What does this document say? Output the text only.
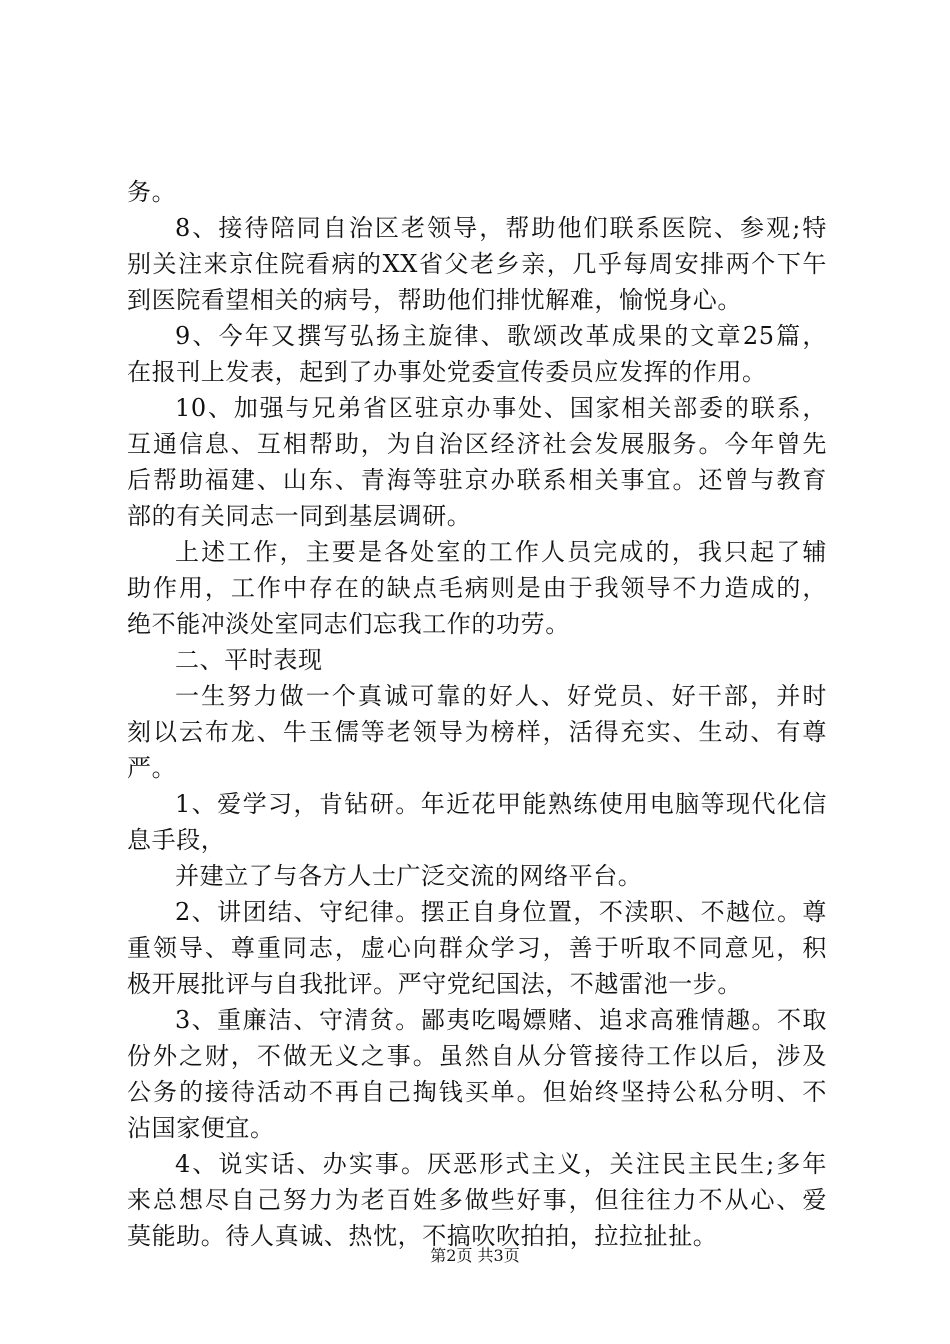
务。
8、接待陪同自治区老领导，帮助他们联系医院、参观;特
别关注来京住院看病的XX省父老乡亲，几乎每周安排两个下午
到医院看望相关的病号，帮助他们排忧解难，愉悦身心。
9、今年又撰写弘扬主旋律、歌颂改革成果的文章25篇，
在报刊上发表，起到了办事处党委宣传委员应发挥的作用。
10、加强与兄弟省区驻京办事处、国家相关部委的联系，
互通信息、互相帮助，为自治区经济社会发展服务。今年曾先
后帮助福建、山东、青海等驻京办联系相关事宜。还曾与教育
部的有关同志一同到基层调研。
上述工作，主要是各处室的工作人员完成的，我只起了辅
助作用，工作中存在的缺点毛病则是由于我领导不力造成的，
绝不能冲淡处室同志们忘我工作的功劳。
二、平时表现
一生努力做一个真诚可靠的好人、好党员、好干部，并时
刻以云布龙、牛玉儒等老领导为榜样，活得充实、生动、有尊
严。
1、爱学习，肯钻研。年近花甲能熟练使用电脑等现代化信
息手段，
并建立了与各方人士广泛交流的网络平台。
2、讲团结、守纪律。摆正自身位置，不渎职、不越位。尊
重领导、尊重同志，虚心向群众学习，善于听取不同意见，积
极开展批评与自我批评。严守党纪国法，不越雷池一步。
3、重廉洁、守清贫。鄙夷吃喝嫖赌、追求高雅情趣。不取
份外之财，不做无义之事。虽然自从分管接待工作以后，涉及
公务的接待活动不再自己掏钱买单。但始终坚持公私分明、不
沾国家便宜。
4、说实话、办实事。厌恶形式主义，关注民主民生;多年
来总想尽自己努力为老百姓多做些好事，但往往力不从心、爱
莫能助。待人真诚、热忱，不搞吹吹拍拍，拉拉扯扯。
第2页 共3页
